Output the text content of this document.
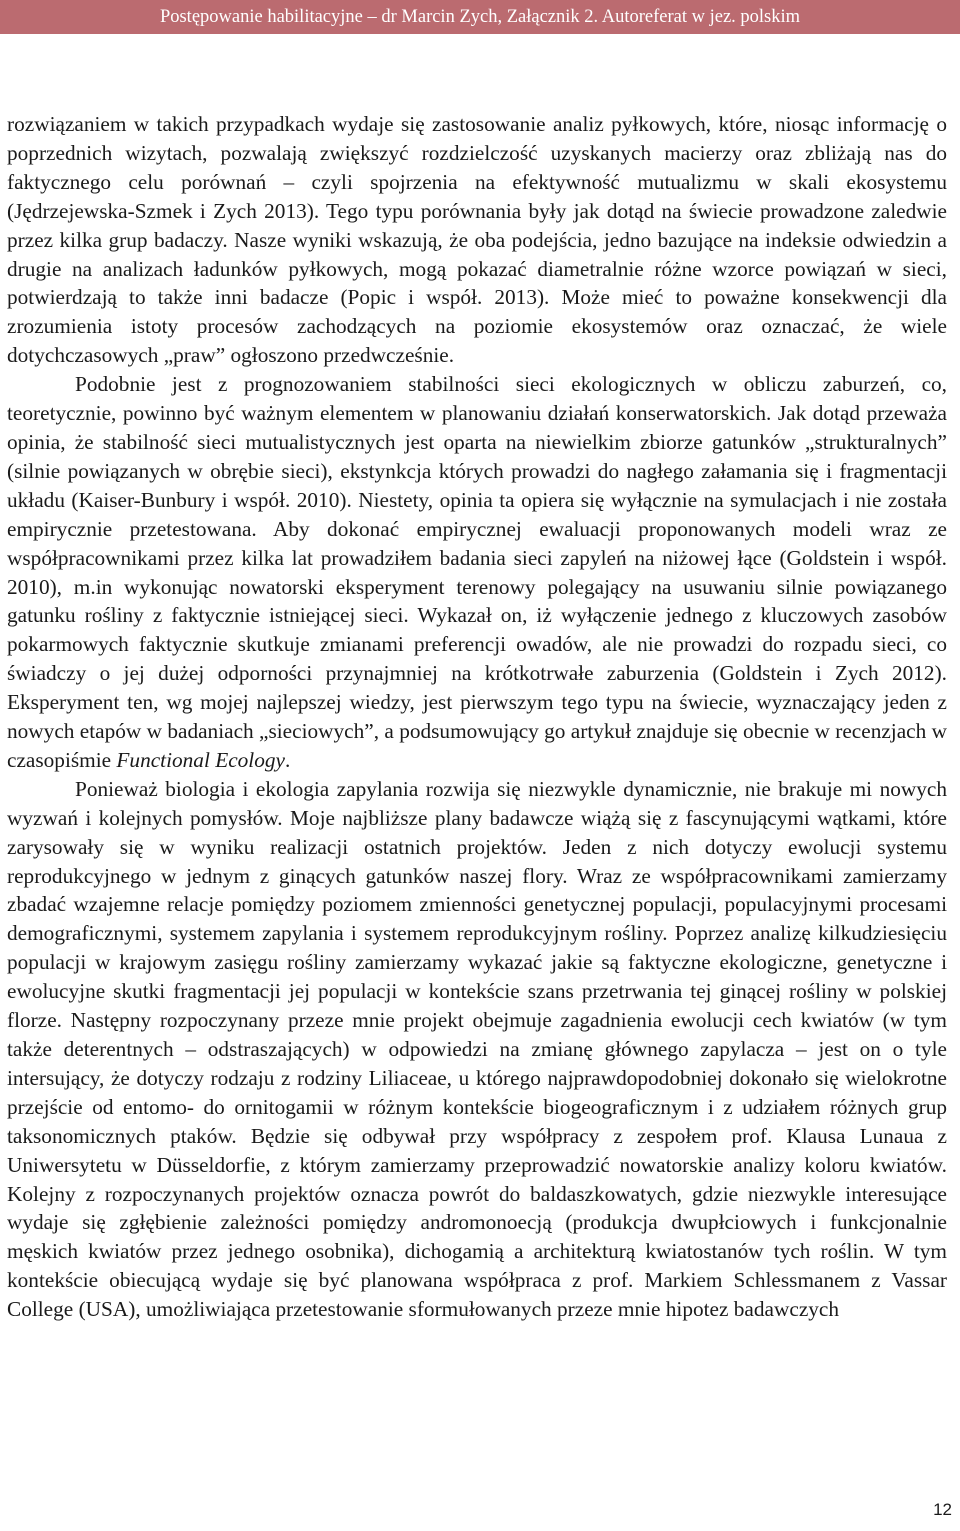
Postępowanie habilitacyjne – dr Marcin Zych, Załącznik 2. Autoreferat w jez. polskim

rozwiązaniem w takich przypadkach wydaje się zastosowanie analiz pyłkowych, które, niosąc informację o poprzednich wizytach, pozwalają zwiększyć rozdzielczość uzyskanych macierzy oraz zbliżają nas do faktycznego celu porównań – czyli spojrzenia na efektywność mutualizmu w skali ekosystemu (Jędrzejewska-Szmek i Zych 2013). Tego typu porównania były jak dotąd na świecie prowadzone zaledwie przez kilka grup badaczy. Nasze wyniki wskazują, że oba podejścia, jedno bazujące na indeksie odwiedzin a drugie na analizach ładunków pyłkowych, mogą pokazać diametralnie różne wzorce powiązań w sieci, potwierdzają to także inni badacze (Popic i współ. 2013). Może mieć to poważne konsekwencji dla zrozumienia istoty procesów zachodzących na poziomie ekosystemów oraz oznaczać, że wiele dotychczasowych „praw” ogłoszono przedwcześnie.

Podobnie jest z prognozowaniem stabilności sieci ekologicznych w obliczu zaburzeń, co, teoretycznie, powinno być ważnym elementem w planowaniu działań konserwatorskich. Jak dotąd przeważa opinia, że stabilność sieci mutualistycznych jest oparta na niewielkim zbiorze gatunków „strukturalnych” (silnie powiązanych w obrębie sieci), ekstynkcja których prowadzi do nagłego załamania się i fragmentacji układu (Kaiser-Bunbury i współ. 2010). Niestety, opinia ta opiera się wyłącznie na symulacjach i nie została empirycznie przetestowana. Aby dokonać empirycznej ewaluacji proponowanych modeli wraz ze współpracownikami przez kilka lat prowadziłem badania sieci zapyleń na niżowej łące (Goldstein i współ. 2010), m.in wykonując nowatorski eksperyment terenowy polegający na usuwaniu silnie powiązanego gatunku rośliny z faktycznie istniejącej sieci. Wykazał on, iż wyłączenie jednego z kluczowych zasobów pokarmowych faktycznie skutkuje zmianami preferencji owadów, ale nie prowadzi do rozpadu sieci, co świadczy o jej dużej odporności przynajmniej na krótkotrwałe zaburzenia (Goldstein i Zych 2012). Eksperyment ten, wg mojej najlepszej wiedzy, jest pierwszym tego typu na świecie, wyznaczający jeden z nowych etapów w badaniach „sieciowych”, a podsumowujący go artykuł znajduje się obecnie w recenzjach w czasopiśmie Functional Ecology.

Ponieważ biologia i ekologia zapylania rozwija się niezwykle dynamicznie, nie brakuje mi nowych wyzwań i kolejnych pomysłów. Moje najbliższe plany badawcze wiążą się z fascynującymi wątkami, które zarysowały się w wyniku realizacji ostatnich projektów. Jeden z nich dotyczy ewolucji systemu reprodukcyjnego w jednym z ginących gatunków naszej flory. Wraz ze współpracownikami zamierzamy zbadać wzajemne relacje pomiędzy poziomem zmienności genetycznej populacji, populacyjnymi procesami demograficznymi, systemem zapylania i systemem reprodukcyjnym rośliny. Poprzez analizę kilkudziesięciu populacji w krajowym zasięgu rośliny zamierzamy wykazać jakie są faktyczne ekologiczne, genetyczne i ewolucyjne skutki fragmentacji jej populacji w kontekście szans przetrwania tej ginącej rośliny w polskiej florze. Następny rozpoczynany przeze mnie projekt obejmuje zagadnienia ewolucji cech kwiatów (w tym także deterentnych – odstraszających) w odpowiedzi na zmianę głównego zapylacza – jest on o tyle intersujący, że dotyczy rodzaju z rodziny Liliaceae, u którego najprawdopodobniej dokonało się wielokrotne przejście od entomo- do ornitogamii w różnym kontekście biogeograficznym i z udziałem różnych grup taksonomicznych ptaków. Będzie się odbywał przy współpracy z zespołem prof. Klausa Lunaua z Uniwersytetu w Düsseldorfie, z którym zamierzamy przeprowadzić nowatorskie analizy koloru kwiatów. Kolejny z rozpoczynanych projektów oznacza powrót do baldaszkowatych, gdzie niezwykle interesujące wydaje się zgłębienie zależności pomiędzy andromonoecją (produkcja dwupłciowych i funkcjonalnie męskich kwiatów przez jednego osobnika), dichogamią a architekturą kwiatostanów tych roślin. W tym kontekście obiecującą wydaje się być planowana współpraca z prof. Markiem Schlessmanem z Vassar College (USA), umożliwiająca przetestowanie sformułowanych przeze mnie hipotez badawczych

12
